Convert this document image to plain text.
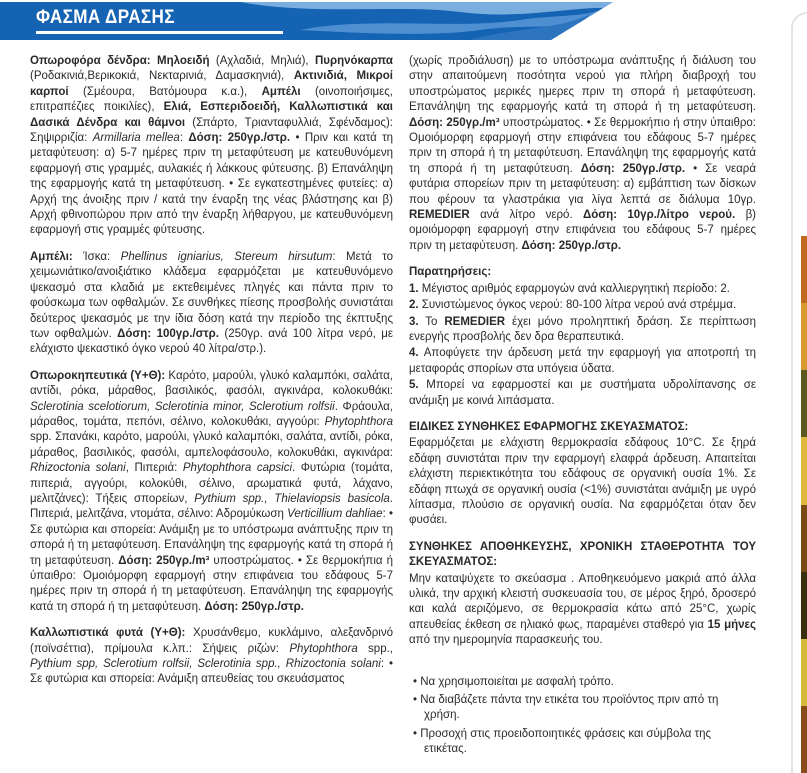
ΦΑΣΜΑ ΔΡΑΣΗΣ
Οπωροφόρα δένδρα: Μηλοειδή (Αχλαδιά, Μηλιά), Πυρηνόκαρπα (Ροδακινιά,Βερικοκιά, Νεκταρινιά, Δαμασκηνιά), Ακτινιδιά, Μικροί καρποί (Σμέουρα, Βατόμουρα κ.α.), Αμπέλι (οινοποιήσιμες, επιτραπέζιες ποικιλίες), Ελιά, Εσπεριδοειδή, Καλλωπιστικά και Δασικά Δένδρα και θάμνοι (Σπάρτο, Τριανταφυλλιά, Σφένδαμος): Σηψιρριζία: Armillaria mellea: Δόση: 250γρ./στρ. • Πριν και κατά τη μεταφύτευση: α) 5-7 ημέρες πριν τη μεταφύτευση με κατευθυνόμενη εφαρμογή στις γραμμές, αυλακιές ή λάκκους φύτευσης. β) Επανάληψη της εφαρμογής κατά τη μεταφύτευση. • Σε εγκατεστημένες φυτείες: α) Αρχή της άνοιξης πριν / κατά την έναρξη της νέας βλάστησης και β) Αρχή φθινοπώρου πριν από την έναρξη λήθαργου, με κατευθυνόμενη εφαρμογή στις γραμμές φύτευσης.
Αμπέλι: Ίσκα: Phellinus igniarius, Stereum hirsutum: Μετά το χειμωνιάτικο/ανοιξιάτικο κλάδεμα εφαρμόζεται με κατευθυνόμενο ψεκασμό στα κλαδιά με εκτεθειμένες πληγές και πάντα πριν το φούσκωμα των οφθαλμών. Σε συνθήκες πίεσης προσβολής συνιστάται δεύτερος ψεκασμός με την ίδια δόση κατά την περίοδο της έκπτυξης των οφθαλμών. Δόση: 100γρ./στρ. (250γρ. ανά 100 λίτρα νερό, με ελάχιστο ψεκαστικό όγκο νερού 40 λίτρα/στρ.).
Οπωροκηπευτικά (Υ+Θ): Καρότο, μαρούλι, γλυκό καλαμπόκι, σαλάτα, αντίδι, ρόκα, μάραθος, βασιλικός, φασόλι, αγκινάρα, κολοκυθάκι: Sclerotinia scelotiorum, Sclerotinia minor, Sclerotium rolfsii. Φράουλα, μάραθος, τομάτα, πεπόνι, σέλινο, κολοκυθάκι, αγγούρι: Phytophthora spp. Σπανάκι, καρότο, μαρούλι, γλυκό καλαμπόκι, σαλάτα, αντίδι, ρόκα, μάραθος, βασιλικός, φασόλι, αμπελοφάσουλο, κολοκυθάκι, αγκινάρα: Rhizoctonia solani, Πιπεριά: Phytophthora capsici. Φυτώρια (τομάτα, πιπεριά, αγγούρι, κολοκύθι, σέλινο, αρωματικά φυτά, λάχανο, μελιτζάνες): Τήξεις σπορείων, Pythium spp., Thielaviopsis basicola. Πιπεριά, μελιτζάνα, ντομάτα, σέλινο: Αδρομύκωση Verticillium dahliae: • Σε φυτώρια και σπορεία: Ανάμιξη με το υπόστρωμα ανάπτυξης πριν τη σπορά ή τη μεταφύτευση. Επανάληψη της εφαρμογής κατά τη σπορά ή τη μεταφύτευση. Δόση: 250γρ./m³ υποστρώματος. • Σε θερμοκήπια ή ύπαιθρο: Ομοιόμορφη εφαρμογή στην επιφάνεια του εδάφους 5-7 ημέρες πριν τη σπορά ή τη μεταφύτευση. Επανάληψη της εφαρμογής κατά τη σπορά ή τη μεταφύτευση. Δόση: 250γρ./στρ.
Καλλωπιστικά φυτά (Υ+Θ): Χρυσάνθεμο, κυκλάμινο, αλεξανδρινό (ποϊνσέττια), πρίμουλα κ.λπ.: Σήψεις ριζών: Phytophthora spp., Pythium spp, Sclerotium rolfsii, Sclerotinia spp., Rhizoctonia solani: • Σε φυτώρια και σπορεία: Ανάμιξη απευθείας του σκευάσματος
(χωρίς προδιάλυση) με το υπόστρωμα ανάπτυξης ή διάλυση του στην απαιτούμενη ποσότητα νερού για πλήρη διαβροχή του υποστρώματος μερικές ημερες πριν τη σπορά ή μεταφύτευση. Επανάληψη της εφαρμογής κατά τη σπορά ή τη μεταφύτευση. Δόση: 250γρ./m³ υποστρώματος. • Σε θερμοκήπιο ή στην ύπαιθρο: Ομοιόμορφη εφαρμογή στην επιφάνεια του εδάφους 5-7 ημέρες πριν τη σπορά ή τη μεταφύτευση. Επανάληψη της εφαρμογής κατά τη σπορά ή τη μεταφύτευση. Δόση: 250γρ./στρ. • Σε νεαρά φυτάρια σπορείων πριν τη μεταφύτευση: α) εμβάπτιση των δίσκων που φέρουν τα γλαστράκια για λίγα λεπτά σε διάλυμα 10γρ. REMEDIER ανά λίτρο νερό. Δόση: 10γρ./λίτρο νερού. β) ομοιόμορφη εφαρμογή στην επιφάνεια του εδάφους 5-7 ημέρες πριν τη μεταφύτευση. Δόση: 250γρ./στρ.
Παρατηρήσεις:
1. Μέγιστος αριθμός εφαρμογών ανά καλλιεργητική περίοδο: 2.
2. Συνιστώμενος όγκος νερού: 80-100 λίτρα νερού ανά στρέμμα.
3. Το REMEDIER έχει μόνο προληπτική δράση. Σε περίπτωση ενεργής προσβολής δεν δρα θεραπευτικά.
4. Αποφύγετε την άρδευση μετά την εφαρμογή για αποτροπή τη μεταφοράς σπορίων στα υπόγεια ύδατα.
5. Μπορεί να εφαρμοστεί και με συστήματα υδρολίπανσης σε ανάμιξη με κοινά λιπάσματα.
ΕΙΔΙΚΕΣ ΣΥΝΘΗΚΕΣ ΕΦΑΡΜΟΓΗΣ ΣΚΕΥΑΣΜΑΤΟΣ:
Εφαρμόζεται με ελάχιστη θερμοκρασία εδάφους 10°C. Σε ξηρά εδάφη συνιστάται πριν την εφαρμογή ελαφρά άρδευση. Απαιτείται ελάχιστη περιεκτικότητα του εδάφους σε οργανική ουσία 1%. Σε εδάφη πτωχά σε οργανική ουσία (<1%) συνιστάται ανάμιξη με υγρό λίπασμα, πλούσιο σε οργανική ουσία. Να εφαρμόζεται όταν δεν φυσάει.
ΣΥΝΘΗΚΕΣ ΑΠΟΘΗΚΕΥΣΗΣ, ΧΡΟΝΙΚΗ ΣΤΑΘΕΡΟΤΗΤΑ ΤΟΥ ΣΚΕΥΑΣΜΑΤΟΣ:
Μην καταψύχετε το σκεύασμα . Αποθηκευόμενο μακριά από άλλα υλικά, την αρχική κλειστή συσκευασία του, σε μέρος ξηρό, δροσερό και καλά αεριζόμενο, σε θερμοκρασία κάτω από 25°C, χωρίς απευθείας έκθεση σε ηλιακό φως, παραμένει σταθερό για 15 μήνες από την ημερομηνία παρασκευής του.
• Να χρησιμοποιείται με ασφαλή τρόπο.
• Να διαβάζετε πάντα την ετικέτα του προϊόντος πριν από τη χρήση.
• Προσοχή στις προειδοποιητικές φράσεις και σύμβολα της ετικέτας.
